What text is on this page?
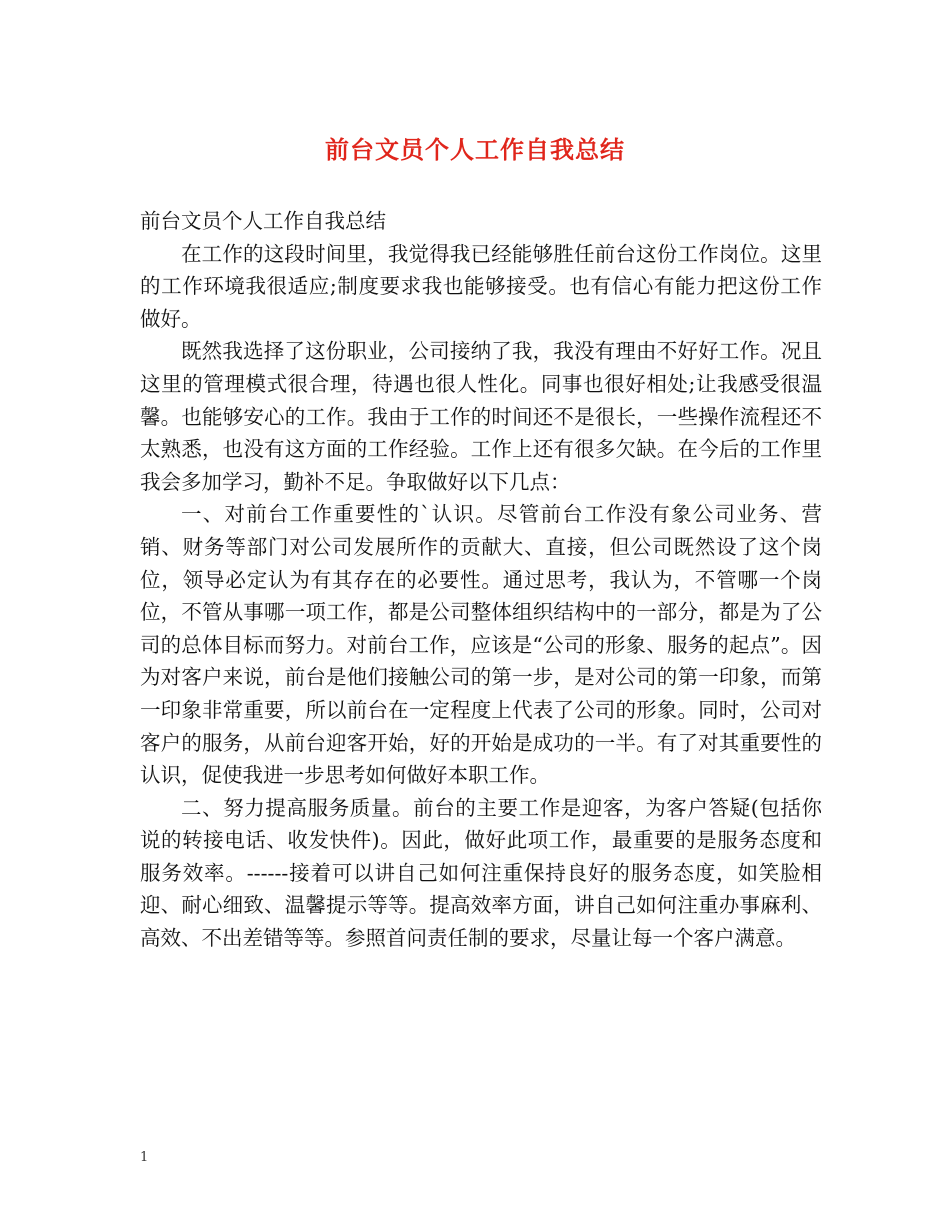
前台文员个人工作自我总结

前台文员个人工作自我总结

在工作的这段时间里，我觉得我已经能够胜任前台这份工作岗位。这里的工作环境我很适应;制度要求我也能够接受。也有信心有能力把这份工作做好。

既然我选择了这份职业，公司接纳了我，我没有理由不好好工作。况且这里的管理模式很合理，待遇也很人性化。同事也很好相处;让我感受很温馨。也能够安心的工作。我由于工作的时间还不是很长，一些操作流程还不太熟悉，也没有这方面的工作经验。工作上还有很多欠缺。在今后的工作里我会多加学习，勤补不足。争取做好以下几点：

一、对前台工作重要性的`认识。尽管前台工作没有象公司业务、营销、财务等部门对公司发展所作的贡献大、直接，但公司既然设了这个岗位，领导必定认为有其存在的必要性。通过思考，我认为，不管哪一个岗位，不管从事哪一项工作，都是公司整体组织结构中的一部分，都是为了公司的总体目标而努力。对前台工作，应该是“公司的形象、服务的起点”。因为对客户来说，前台是他们接触公司的第一步，是对公司的第一印象，而第一印象非常重要，所以前台在一定程度上代表了公司的形象。同时，公司对客户的服务，从前台迎客开始，好的开始是成功的一半。有了对其重要性的认识，促使我进一步思考如何做好本职工作。

二、努力提高服务质量。前台的主要工作是迎客，为客户答疑(包括你说的转接电话、收发快件)。因此，做好此项工作，最重要的是服务态度和服务效率。------接着可以讲自己如何注重保持良好的服务态度，如笑脸相迎、耐心细致、温馨提示等等。提高效率方面，讲自己如何注重办事麻利、高效、不出差错等等。参照首问责任制的要求，尽量让每一个客户满意。

1
